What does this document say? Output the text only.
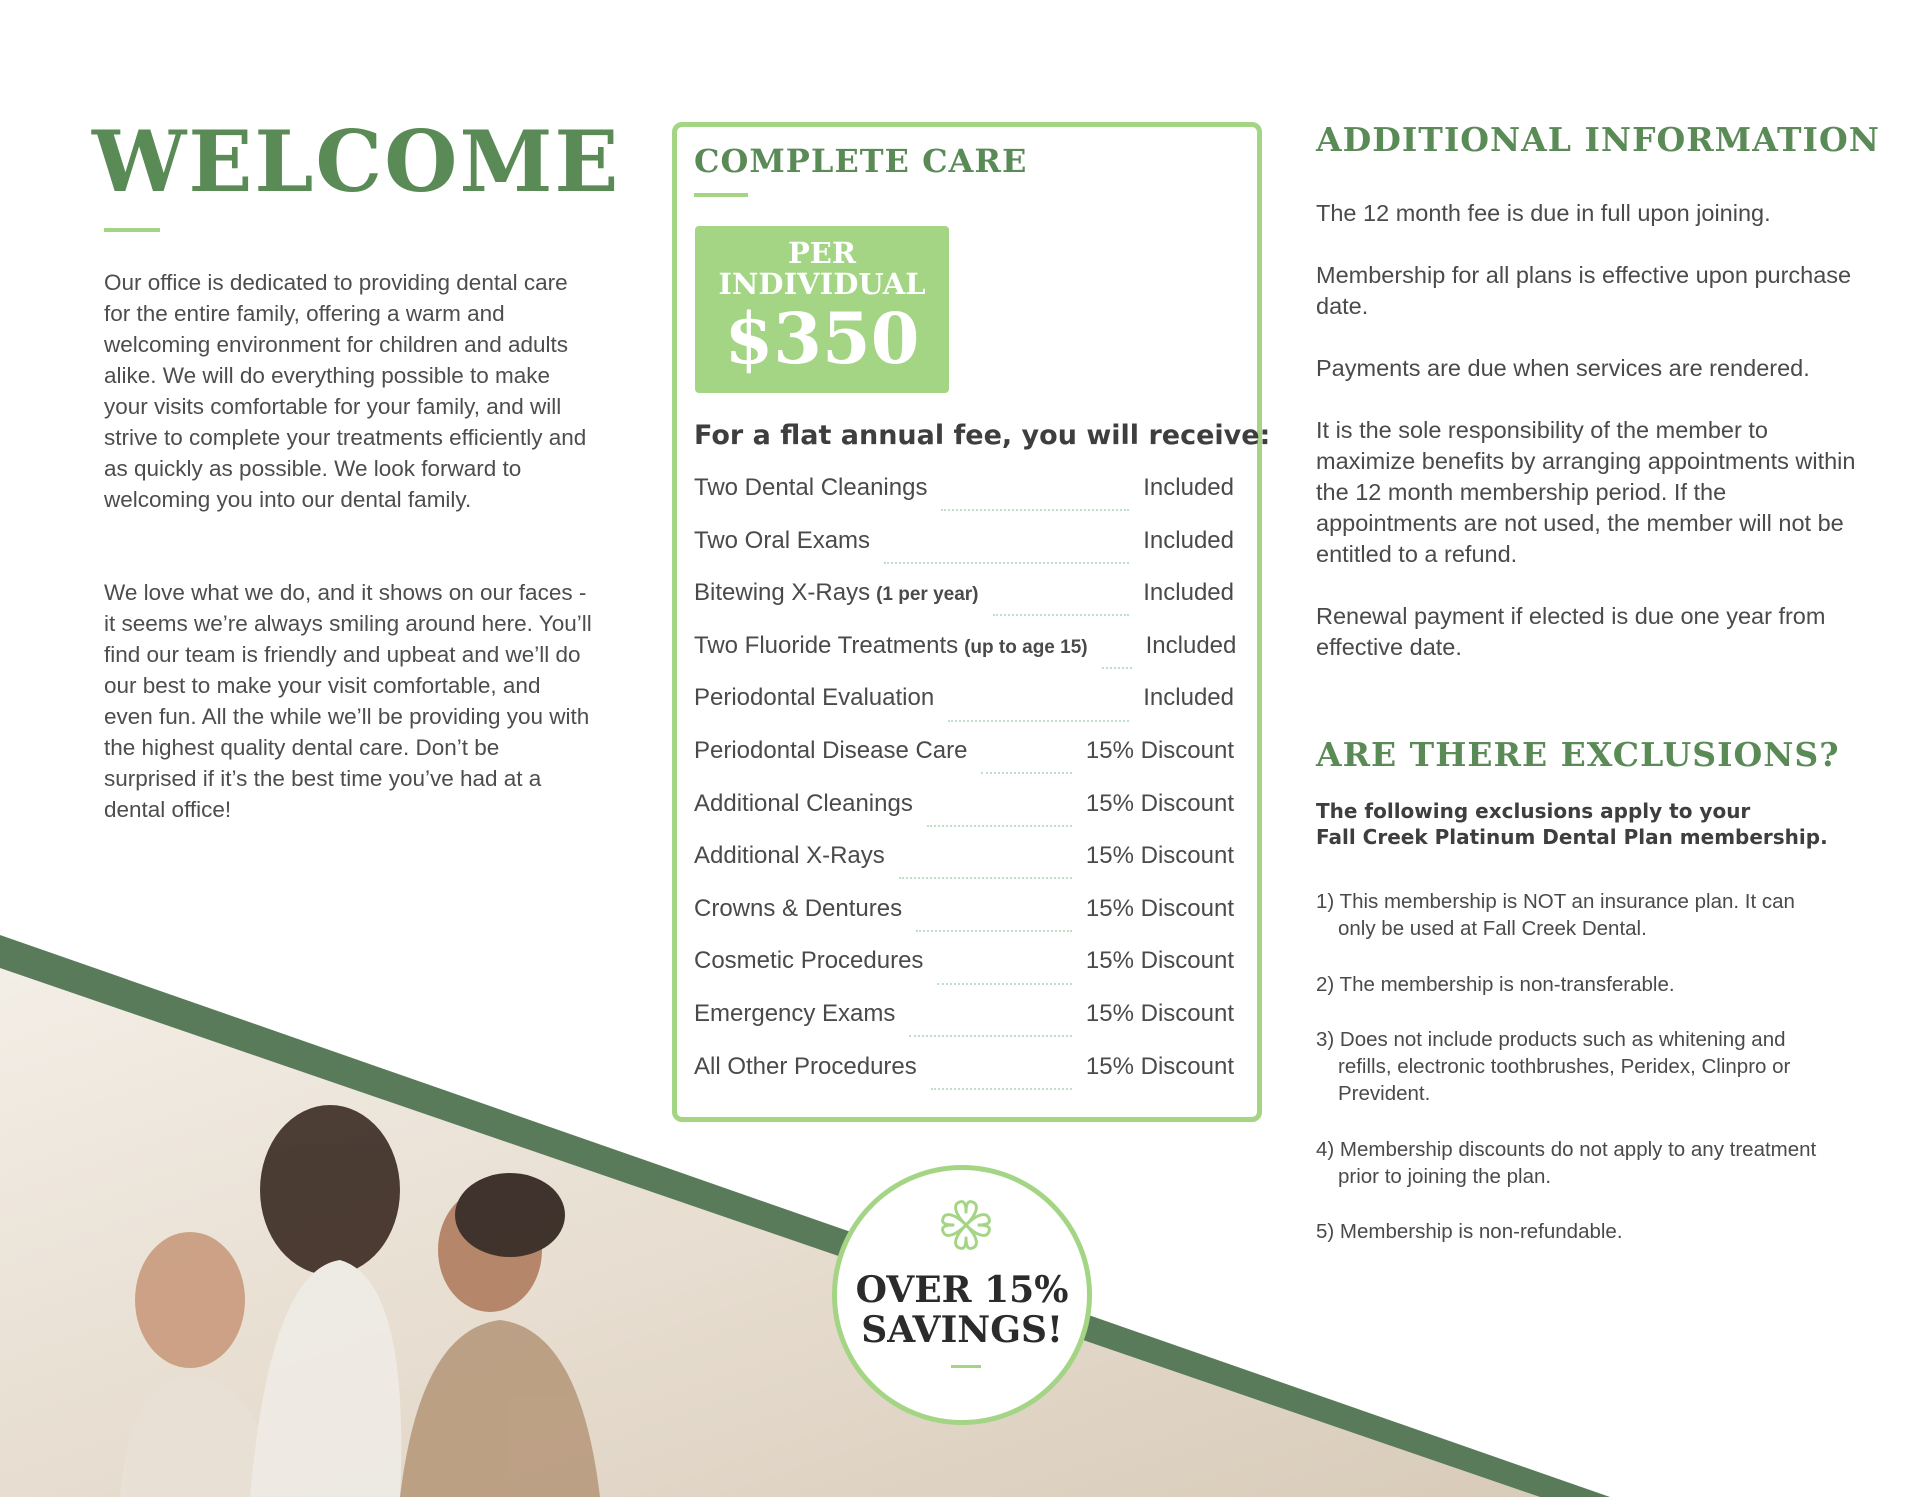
WELCOME
Our office is dedicated to providing dental care for the entire family, offering a warm and welcoming environment for children and adults alike. We will do everything possible to make your visits comfortable for your family, and will strive to complete your treatments efficiently and as quickly as possible. We look forward to welcoming you into our dental family.
We love what we do, and it shows on our faces - it seems we’re always smiling around here. You’ll find our team is friendly and upbeat and we’ll do our best to make your visit comfortable, and even fun. All the while we’ll be providing you with the highest quality dental care. Don’t be surprised if it’s the best time you’ve had at a dental office!
COMPLETE CARE
PER
INDIVIDUAL
$350
For a flat annual fee, you will receive:
Two Dental Cleanings	Included
Two Oral Exams	Included
Bitewing X-Rays (1 per year)	Included
Two Fluoride Treatments (up to age 15) Included
Periodontal Evaluation	Included
Periodontal Disease Care	15% Discount
Additional Cleanings	15% Discount
Additional X-Rays	15% Discount
Crowns & Dentures	15% Discount
Cosmetic Procedures	15% Discount
Emergency Exams	15% Discount
All Other Procedures	15% Discount
OVER 15%
SAVINGS!
ADDITIONAL INFORMATION
The 12 month fee is due in full upon joining.
Membership for all plans is effective upon purchase date.
Payments are due when services are rendered.
It is the sole responsibility of the member to maximize benefits by arranging appointments within the 12 month membership period. If the appointments are not used, the member will not be entitled to a refund.
Renewal payment if elected is due one year from effective date.
ARE THERE EXCLUSIONS?
The following exclusions apply to your
Fall Creek Platinum Dental Plan membership.
1) This membership is NOT an insurance plan. It can only be used at Fall Creek Dental.
2) The membership is non-transferable.
3) Does not include products such as whitening and refills, electronic toothbrushes, Peridex, Clinpro or Prevident.
4) Membership discounts do not apply to any treatment prior to joining the plan.
5) Membership is non-refundable.
